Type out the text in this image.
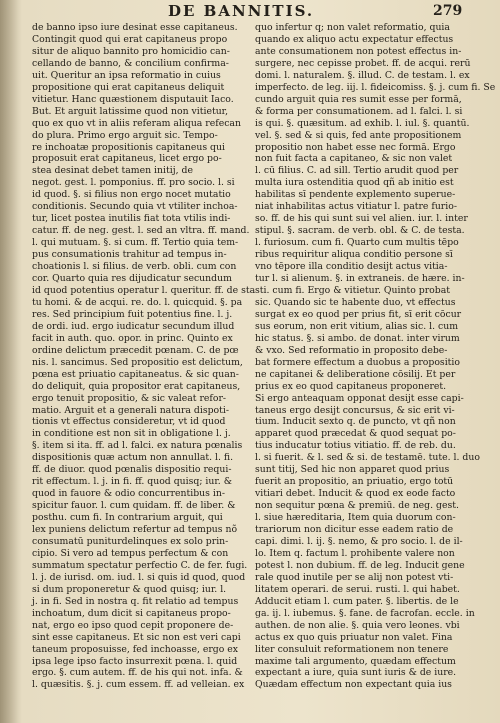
DE BANNITIS.	279
de banno ipso iure desinat esse capitaneus.
Contingit quod qui erat capitaneus propo
situr de aliquo bannito pro homicidio can-
cellando de banno, & concilium confirma-
uit. Queritur an ipsa reformatio in cuius
propositione qui erat capitaneus deliquit
vitietur. Hanc quæstionem disputauit Iaco.
But. Et arguit latissime quod non vitietur,
quo ex quo vt in aliis referam aliqua refecan
do plura. Primo ergo arguit sic. Tempo-
re inchoatæ propositionis capitaneus qui
proposuit erat capitaneus, licet ergo po-
stea desinat debet tamen initij, de
negot. gest. l. pomponius. ff. pro socio. l. si
id quod. §. si filius non ergo nocet mutatio
conditionis. Secundo quia vt vtiliter inchoa-
tur, licet postea inutilis fiat tota vtilis indi-
catur. ff. de neg. gest. l. sed an vltra. ff. mand.
l. qui mutuam. §. si cum. ff. Tertio quia tem-
pus consumationis trahitur ad tempus in-
choationis l. si filius. de verb. obli. cum con
cor. Quarto quia res dijudicatur secundum
id quod potentius operatur l. queritur. ff. de sta
tu homi. & de acqui. re. do. l. quicquid. §. pa
res. Sed principium fuit potentius fine. l. j.
de ordi. iud. ergo iudicatur secundum illud
facit in auth. quo. opor. in princ. Quinto ex
ordine delictum præcedit pœnam. C. de pœ
nis. l. sancimus. Sed propositio est delictum,
pœna est priuatio capitaneatus. & sic quan-
do deliquit, quia propositor erat capitaneus,
ergo tenuit propositio, & sic valeat refor-
matio. Arguit et a generali natura dispoti-
tionis vt effectus consideretur, vt id quod
in conditione est non sit in obligatione l. j.
§. item si ita. ff. ad l. falci. ex natura pœnalis
dispositionis quæ actum non annullat. l. fi.
ff. de diuor. quod pœnalis dispositio requi-
rit effectum. l. j. in fi. ff. quod quisq; iur. &
quod in fauore & odio concurrentibus in-
spicitur fauor. l. cum quidam. ff. de liber. &
posthu. cum fi. In contrarium arguit, qui
lex puniens delictum refertur ad tempus nõ
consumatū puniturdelinques ex solo prin-
cipio. Si vero ad tempus perfectum & con
summatum spectatur perfectio C. de fer. fugi.
l. j. de iurisd. om. iud. l. si quis id quod, quod
si dum proponeretur & quod quisq; iur. l.
j. in fi. Sed in nostra q. fit relatio ad tempus
inchoatum, dum dicit si capitaneus propo-
nat, ergo eo ipso quod cepit proponere de-
sint esse capitaneus. Et sic non est veri capi
taneum proposuisse, fed inchoasse, ergo ex
ipsa lege ipso facto insurrexit pœna. l. quid
ergo. §. cum autem. ff. de his qui not. infa. &
l. quæsitis. §. j. cum essem. ff. ad velleian. ex
quo infertur q; non valet reformatio, quia
quando ex aliquo actu expectatur effectus
ante consumationem non potest effectus in-
surgere, nec cepisse probet. ff. de acqui. rerū
domi. l. naturalem. §. illud. C. de testam. l. ex
imperfecto. de leg. iij. l. fideicomiss. §. j. cum fi. Se
cundo arguit quia res sumit esse per formā,
& forma per consumationem. ad l. falci. l. si
is qui. §. quæsitum. ad exhib. l. iul. §. quantū.
vel. §. sed & si quis, fed ante propositionem
propositio non habet esse nec formā. Ergo
non fuit facta a capitaneo, & sic non valet
l. cū filius. C. ad sill. Tertio arudit quod per
multa iura ostenditia quod qñ ab initio est
habilitas sī pendente explemento superue-
niat inhabilitas actus vitiatur l. patre furio-
so. ff. de his qui sunt sui vel alien. iur. l. inter
stipul. §. sacram. de verb. obl. & C. de testa.
l. furiosum. cum fi. Quarto cum multis tēpo
ribus requiritur aliqua conditio persone sī
vno tēpore illa conditio desijt actus vitia-
tur l. si alienum. §. in extraneis. de hære. in-
sti. cum fi. Ergo & vitietur. Quinto probat
sic. Quando sic te habente duo, vt effectus
surgat ex eo quod per prius fit, sī erit cōcur
sus eorum, non erit vitium, alias sic. l. cum
hic status. §. si ambo. de donat. inter virum
& vxo. Sed reformatio in proposito debe-
bat formere effectum a duobus a propositio
ne capitanei & deliberatione cōsilij. Et per
prius ex eo quod capitaneus proponeret.
Si ergo anteaquam opponat desijt esse capi-
taneus ergo desijt concursus, & sic erit vi-
tium. Inducit sexto q. de puncto, vt qñ non
apparet quod præcedat & quod sequat po-
tius inducatur totius vitiatio. ff. de reb. du.
l. si fuerit. & l. sed & si. de testamē. tute. l. duo
sunt titij, Sed hic non apparet quod prius
fuerit an propositio, an priuatio, ergo totū
vitiari debet. Inducit & quod ex eode facto
non sequitur pœna & premiū. de neg. gest.
l. siue hæreditaria, Item quia duorum con-
trariorum non dicitur esse eadem ratio de
capi. dimi. l. ij. §. nemo, & pro socio. l. de il-
lo. Item q. factum l. prohibente valere non
potest l. non dubium. ff. de leg. Inducit gene
rale quod inutile per se alij non potest vti-
litatem operari. de serui. rusti. l. qui habet.
Adducit etiam l. cum pater. §. libertis. de le
ga. ij. l. iubemus. §. fane. de facrofan. eccle. in
authen. de non alie. §. quia vero leones. vbi
actus ex quo quis priuatur non valet. Fina
liter consuluit reformationem non tenere
maxime tali argumento, quædam effectum
expectant a iure, quia sunt iuris & de iure.
Quædam effectum non expectant quia ius
